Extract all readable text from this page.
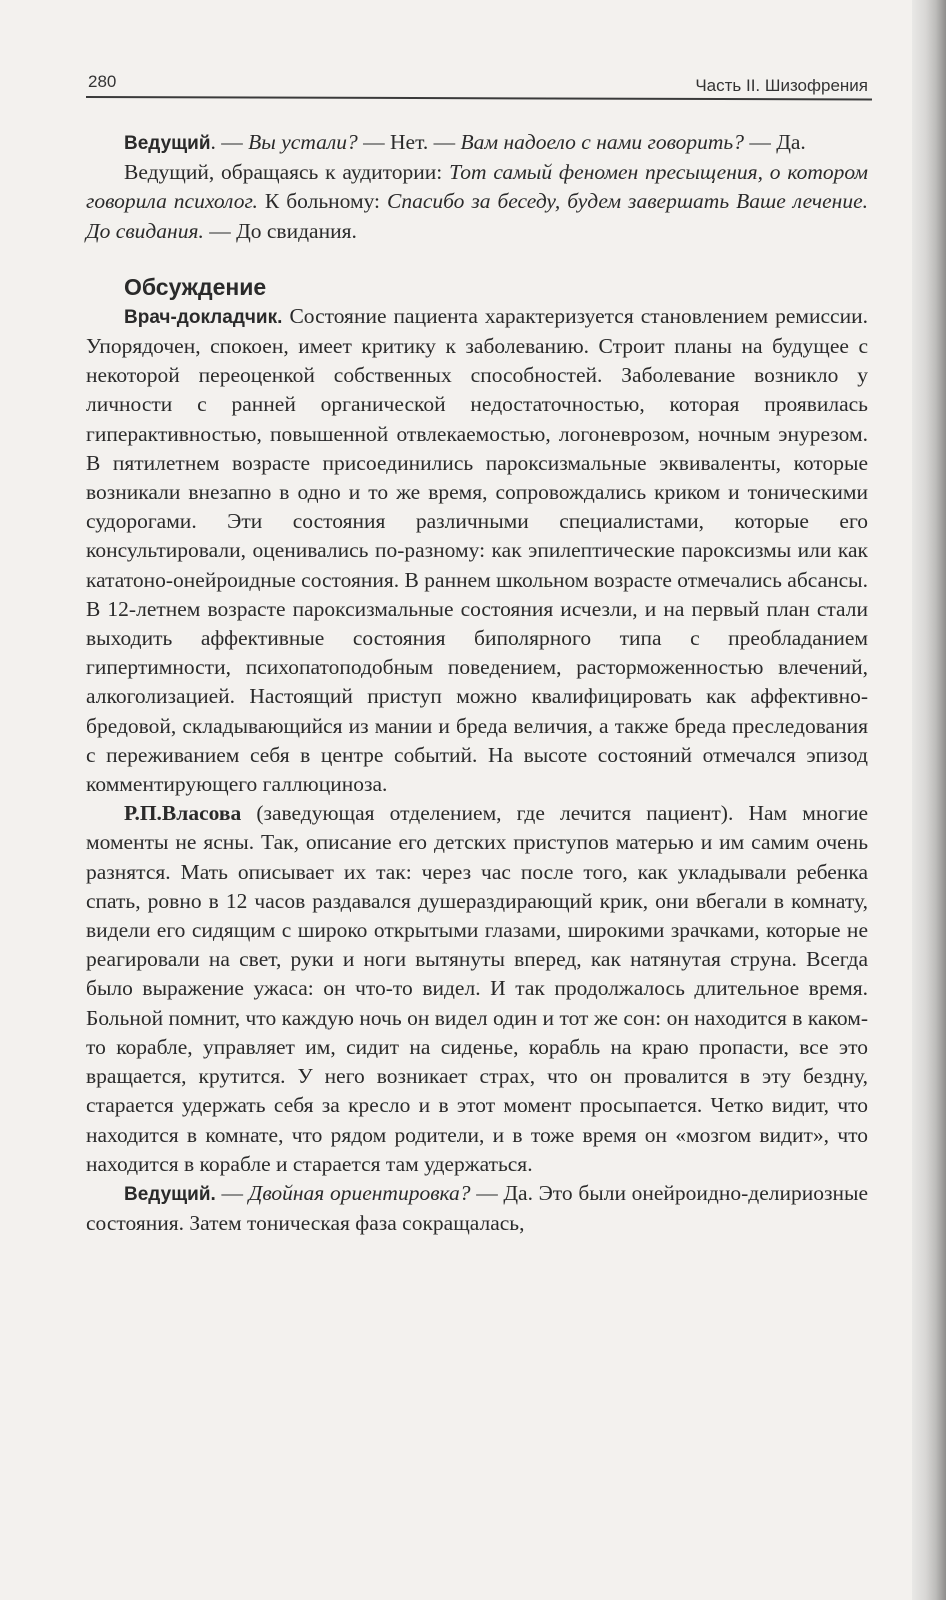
280	Часть II. Шизофрения

Ведущий. — Вы устали? — Нет. — Вам надоело с нами говорить? — Да.

Ведущий, обращаясь к аудитории: Тот самый феномен пресыщения, о котором говорила психолог. К больному: Спасибо за беседу, будем завершать Ваше лечение. До свидания. — До свидания.

Обсуждение

Врач-докладчик. Состояние пациента характеризуется становлением ремиссии. Упорядочен, спокоен, имеет критику к заболеванию. Строит планы на будущее с некоторой переоценкой собственных способностей. Заболевание возникло у личности с ранней органической недостаточностью, которая проявилась гиперактивностью, повышенной отвлекаемостью, логоневрозом, ночным энурезом. В пятилетнем возрасте присоединились пароксизмальные эквиваленты, которые возникали внезапно в одно и то же время, сопровождались криком и тоническими судорогами. Эти состояния различными специалистами, которые его консультировали, оценивались по-разному: как эпилептические пароксизмы или как кататоно-онейроидные состояния. В раннем школьном возрасте отмечались абсансы. В 12-летнем возрасте пароксизмальные состояния исчезли, и на первый план стали выходить аффективные состояния биполярного типа с преобладанием гипертимности, психопатоподобным поведением, расторможенностью влечений, алкоголизацией. Настоящий приступ можно квалифицировать как аффективно-бредовой, складывающийся из мании и бреда величия, а также бреда преследования с переживанием себя в центре событий. На высоте состояний отмечался эпизод комментирующего галлюциноза.

Р.П.Власова (заведующая отделением, где лечится пациент). Нам многие моменты не ясны. Так, описание его детских приступов матерью и им самим очень разнятся. Мать описывает их так: через час после того, как укладывали ребенка спать, ровно в 12 часов раздавался душераздирающий крик, они вбегали в комнату, видели его сидящим с широко открытыми глазами, широкими зрачками, которые не реагировали на свет, руки и ноги вытянуты вперед, как натянутая струна. Всегда было выражение ужаса: он что-то видел. И так продолжалось длительное время. Больной помнит, что каждую ночь он видел один и тот же сон: он находится в каком-то корабле, управляет им, сидит на сиденье, корабль на краю пропасти, все это вращается, крутится. У него возникает страх, что он провалится в эту бездну, старается удержать себя за кресло и в этот момент просыпается. Четко видит, что находится в комнате, что рядом родители, и в тоже время он «мозгом видит», что находится в корабле и старается там удержаться.

Ведущий. — Двойная ориентировка? — Да. Это были онейроидно-делириозные состояния. Затем тоническая фаза сокращалась,
